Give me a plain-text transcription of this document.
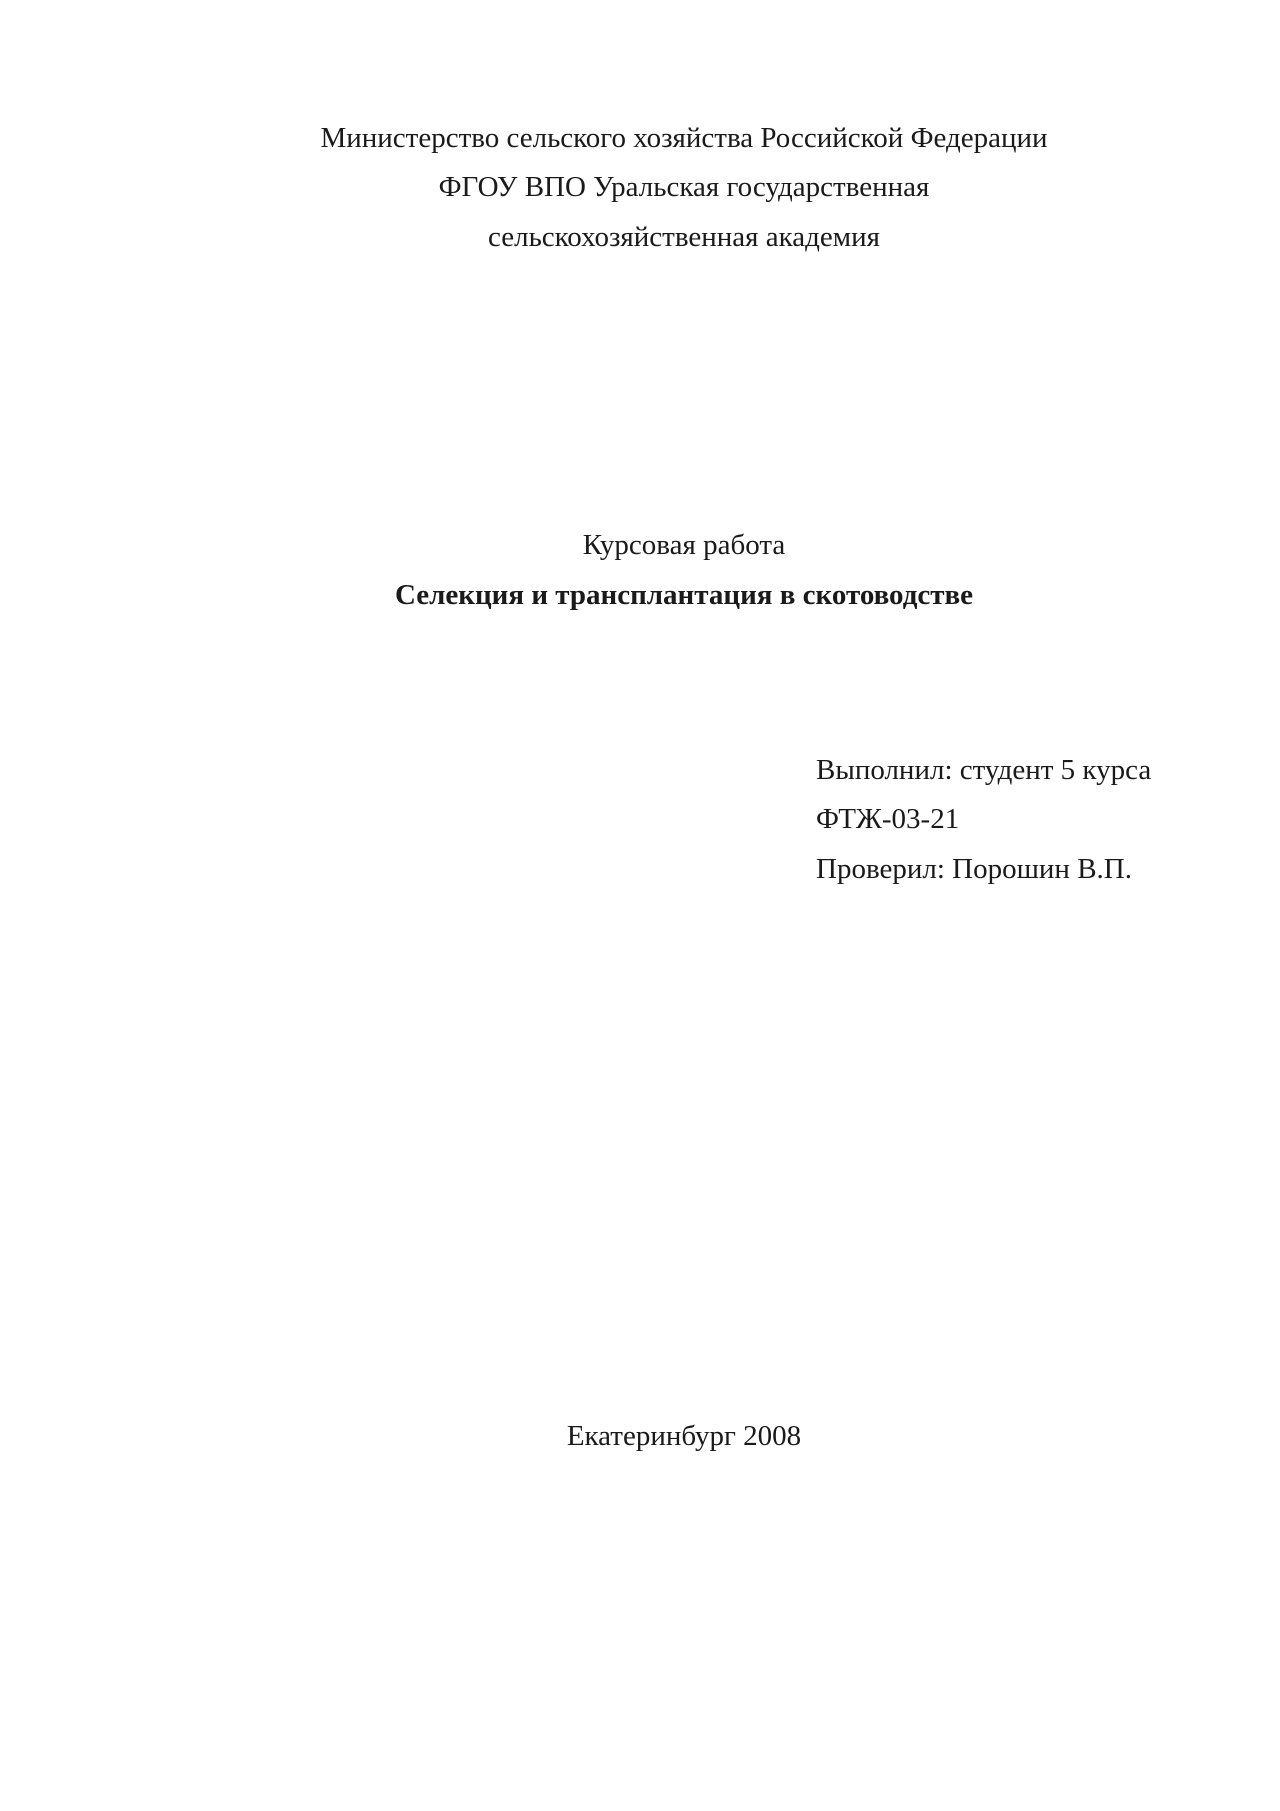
Министерство сельского хозяйства Российской Федерации
ФГОУ ВПО Уральская государственная
сельскохозяйственная академия
Курсовая работа
Селекция и трансплантация в скотоводстве
Выполнил: студент 5 курса
ФТЖ-03-21
Проверил: Порошин В.П.
Екатеринбург 2008
